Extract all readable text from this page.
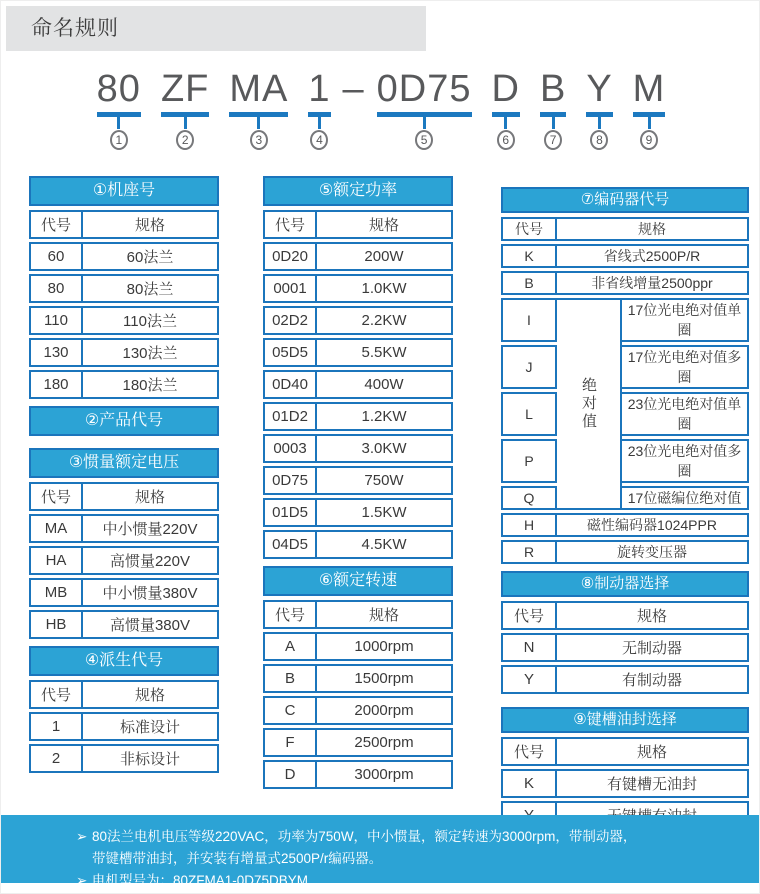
命名规则
80
1
ZF
2
MA
3
1
4
– 0D75
5
D
6
B
7
Y
8
M
9
①机座号
代号	规格
60	60法兰
80	80法兰
110	110法兰
130	130法兰
180	180法兰
②产品代号
③惯量额定电压
代号	规格
MA	中小惯量220V
HA	高惯量220V
MB	中小惯量380V
HB	高惯量380V
④派生代号
代号	规格
1	标准设计
2	非标设计
⑤额定功率
代号	规格
0D20	200W
0001	1.0KW
02D2	2.2KW
05D5	5.5KW
0D40	400W
01D2	1.2KW
0003	3.0KW
0D75	750W
01D5	1.5KW
04D5	4.5KW
⑥额定转速
代号	规格
A	1000rpm
B	1500rpm
C	2000rpm
F	2500rpm
D	3000rpm
⑦编码器代号
代号	规格	
K	省线式2500P/R	
B	非省线增量2500ppr	
I	绝对值	17位光电绝对值单圈
J		17位光电绝对值多圈
L		23位光电绝对值单圈
P		23位光电绝对值多圈
Q		17位磁编位绝对值
H	磁性编码器1024PPR	
R	旋转变压器	
⑧制动器选择
代号	规格
N	无制动器
Y	有制动器
⑨键槽油封选择
代号	规格
K	有键槽无油封

➢ 80法兰电机电压等级220VAC，功率为750W，中小惯量，额定转速为3000rpm，带制动器，
带键槽带油封，并安装有增量式2500P/r编码器。
➢ 电机型号为：80ZFMA1-0D75DBYM
